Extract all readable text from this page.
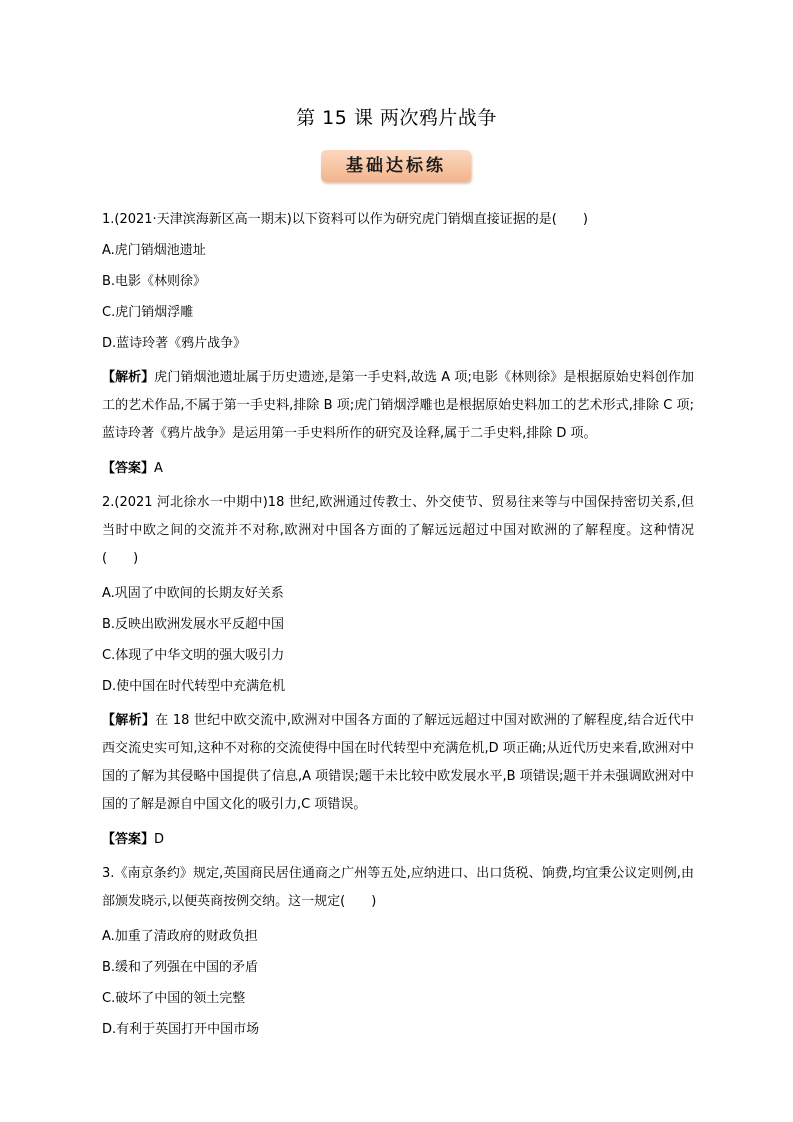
第 15 课 两次鸦片战争
基础达标练

1.(2021·天津滨海新区高一期末)以下资料可以作为研究虎门销烟直接证据的是(　　)

A.虎门销烟池遗址

B.电影《林则徐》

C.虎门销烟浮雕

D.蓝诗玲著《鸦片战争》

【解析】虎门销烟池遗址属于历史遗迹,是第一手史料,故选 A 项;电影《林则徐》是根据原始史料创作加工的艺术作品,不属于第一手史料,排除 B 项;虎门销烟浮雕也是根据原始史料加工的艺术形式,排除 C 项;蓝诗玲著《鸦片战争》是运用第一手史料所作的研究及诠释,属于二手史料,排除 D 项。

【答案】A

2.(2021 河北徐水一中期中)18 世纪,欧洲通过传教士、外交使节、贸易往来等与中国保持密切关系,但当时中欧之间的交流并不对称,欧洲对中国各方面的了解远远超过中国对欧洲的了解程度。这种情况(　　)

A.巩固了中欧间的长期友好关系

B.反映出欧洲发展水平反超中国

C.体现了中华文明的强大吸引力

D.使中国在时代转型中充满危机

【解析】在 18 世纪中欧交流中,欧洲对中国各方面的了解远远超过中国对欧洲的了解程度,结合近代中西交流史实可知,这种不对称的交流使得中国在时代转型中充满危机,D 项正确;从近代历史来看,欧洲对中国的了解为其侵略中国提供了信息,A 项错误;题干未比较中欧发展水平,B 项错误;题干并未强调欧洲对中国的了解是源自中国文化的吸引力,C 项错误。

【答案】D

3.《南京条约》规定,英国商民居住通商之广州等五处,应纳进口、出口货税、饷费,均宜秉公议定则例,由部颁发晓示,以便英商按例交纳。这一规定(　　)

A.加重了清政府的财政负担

B.缓和了列强在中国的矛盾

C.破坏了中国的领土完整

D.有利于英国打开中国市场
